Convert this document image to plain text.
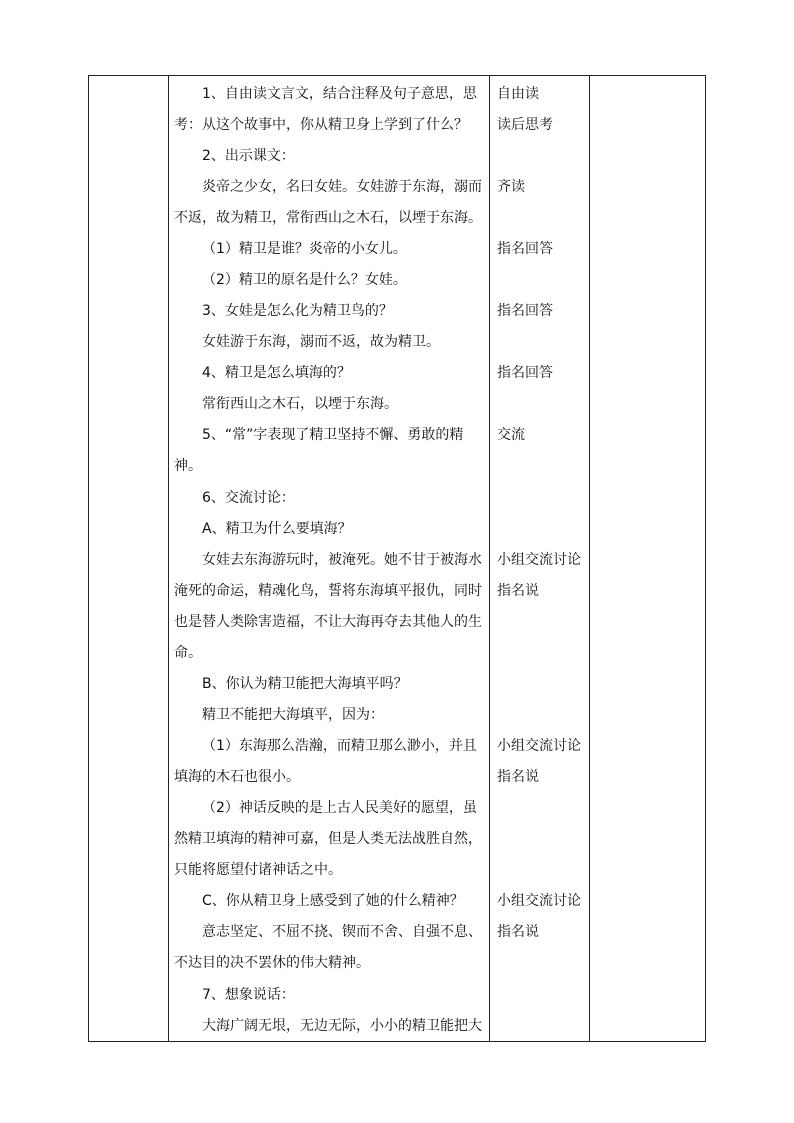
1、自由读文言文，结合注释及句子意思，思
考：从这个故事中，你从精卫身上学到了什么？
2、出示课文：
炎帝之少女，名曰女娃。女娃游于东海，溺而
不返，故为精卫，常衔西山之木石，以堙于东海。
（1）精卫是谁？炎帝的小女儿。
（2）精卫的原名是什么？女娃。
3、女娃是怎么化为精卫鸟的？
女娃游于东海，溺而不返，故为精卫。
4、精卫是怎么填海的？
常衔西山之木石，以堙于东海。
5、“常”字表现了精卫坚持不懈、勇敢的精
神。
6、交流讨论：
A、精卫为什么要填海？
女娃去东海游玩时，被淹死。她不甘于被海水
淹死的命运，精魂化鸟，誓将东海填平报仇，同时
也是替人类除害造福，不让大海再夺去其他人的生
命。
B、你认为精卫能把大海填平吗？
精卫不能把大海填平，因为：
（1）东海那么浩瀚，而精卫那么渺小，并且
填海的木石也很小。
（2）神话反映的是上古人民美好的愿望，虽
然精卫填海的精神可嘉，但是人类无法战胜自然，
只能将愿望付诸神话之中。
C、你从精卫身上感受到了她的什么精神？
意志坚定、不屈不挠、锲而不舍、自强不息、
不达目的决不罢休的伟大精神。
7、想象说话：
大海广阔无垠，无边无际，小小的精卫能把大
自由读
读后思考
齐读
指名回答
指名回答
指名回答
交流
小组交流讨论
指名说
小组交流讨论
指名说
小组交流讨论
指名说
